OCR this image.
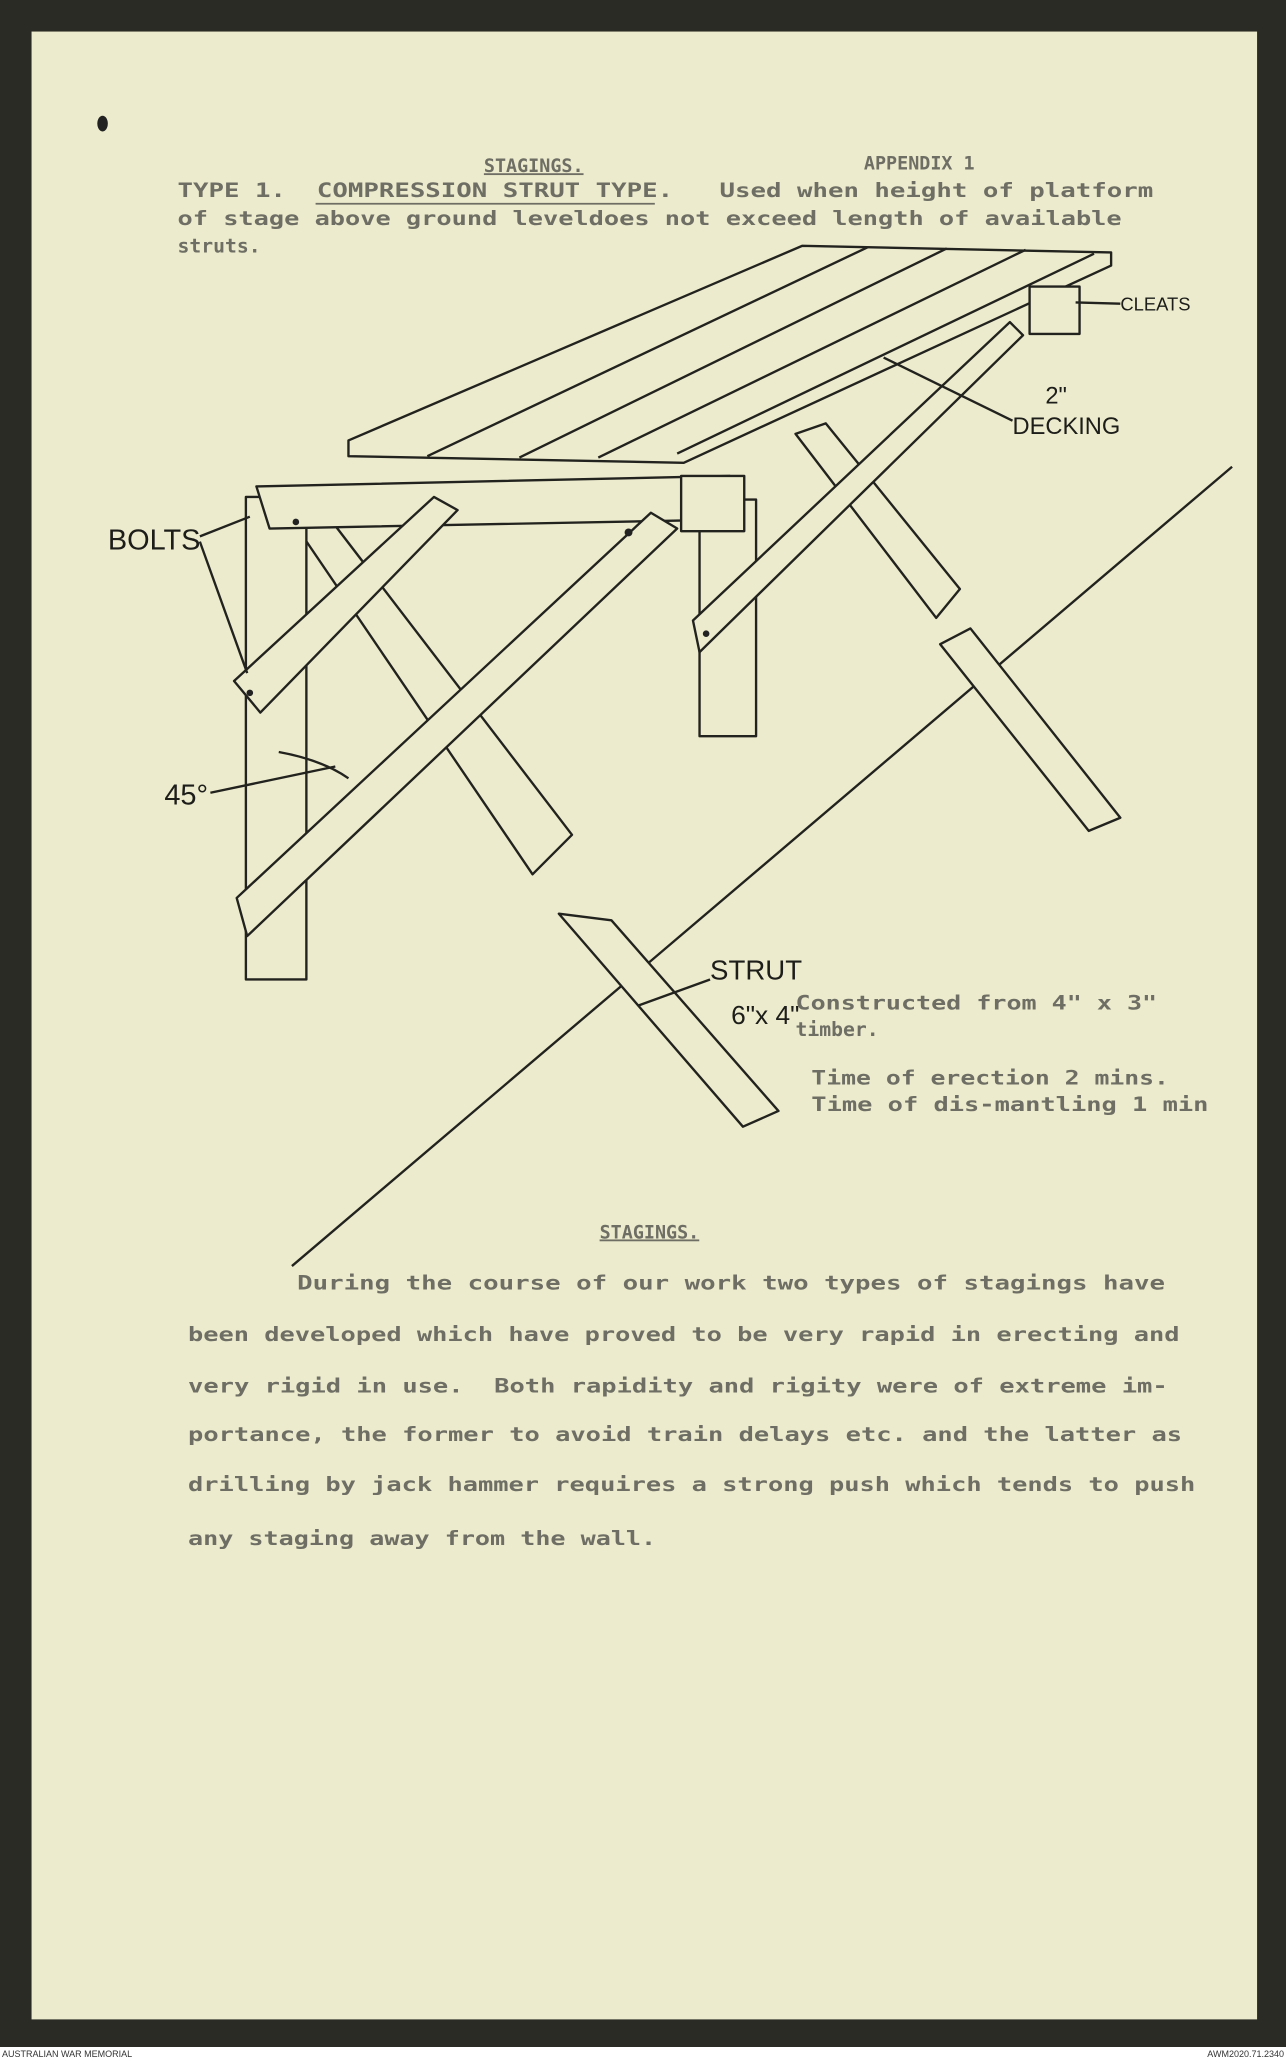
STAGINGS.	APPENDIX 1
TYPE 1.  COMPRESSION STRUT TYPE.   Used when height of platform
of stage above ground leveldoes not exceed length of available
struts.
CLEATS
2"
DECKING
BOLTS
45°
STRUT
6"x 4"
Constructed from 4" x 3"
timber.
Time of erection 2 mins.
Time of dis-mantling 1 min
STAGINGS.
During the course of our work two types of stagings have
been developed which have proved to be very rapid in erecting and
very rigid in use.  Both rapidity and rigity were of extreme im-
portance, the former to avoid train delays etc. and the latter as
drilling by jack hammer requires a strong push which tends to push
any staging away from the wall.
AUSTRALIAN WAR MEMORIAL	AWM2020.71.2340
